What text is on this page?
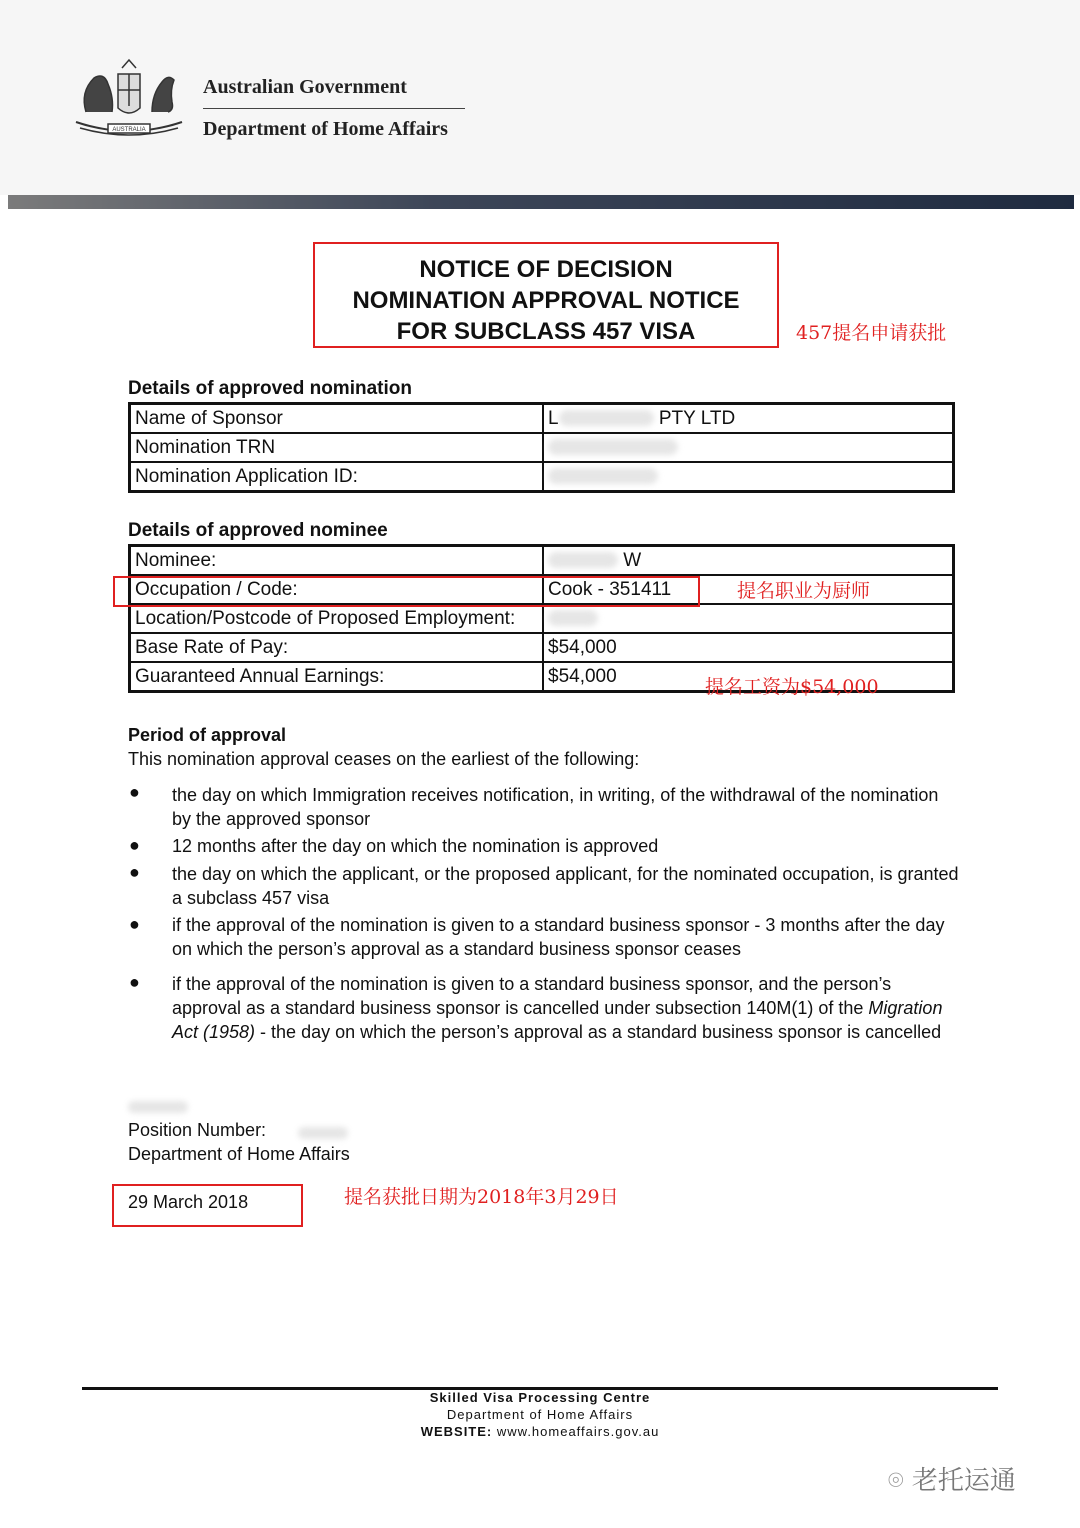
AUSTRALIA
Australian Government
Department of Home Affairs
NOTICE OF DECISION
NOMINATION APPROVAL NOTICE
FOR SUBCLASS 457 VISA	457提名申请获批
Details of approved nomination
Name of Sponsor	L PTY LTD
Nomination TRN	
Nomination Application ID:	
Details of approved nominee
Nominee:	W
Occupation / Code:	Cook - 351411
Location/Postcode of Proposed Employment:	
Base Rate of Pay:	$54,000
Guaranteed Annual Earnings:	$54,000
提名职业为厨师
提名工资为$54,000
Period of approval
This nomination approval ceases on the earliest of the following:
● the day on which Immigration receives notification, in writing, of the withdrawal of the nomination by the approved sponsor
● 12 months after the day on which the nomination is approved
● the day on which the applicant, or the proposed applicant, for the nominated occupation, is granted a subclass 457 visa
● if the approval of the nomination is given to a standard business sponsor - 3 months after the day on which the person’s approval as a standard business sponsor ceases
● if the approval of the nomination is given to a standard business sponsor, and the person’s approval as a standard business sponsor is cancelled under subsection 140M(1) of the Migration Act (1958) - the day on which the person’s approval as a standard business sponsor is cancelled
Position Number:
Department of Home Affairs
29 March 2018	提名获批日期为2018年3月29日
Skilled Visa Processing Centre
Department of Home Affairs
WEBSITE: www.homeaffairs.gov.au
⌾ 老托运通
